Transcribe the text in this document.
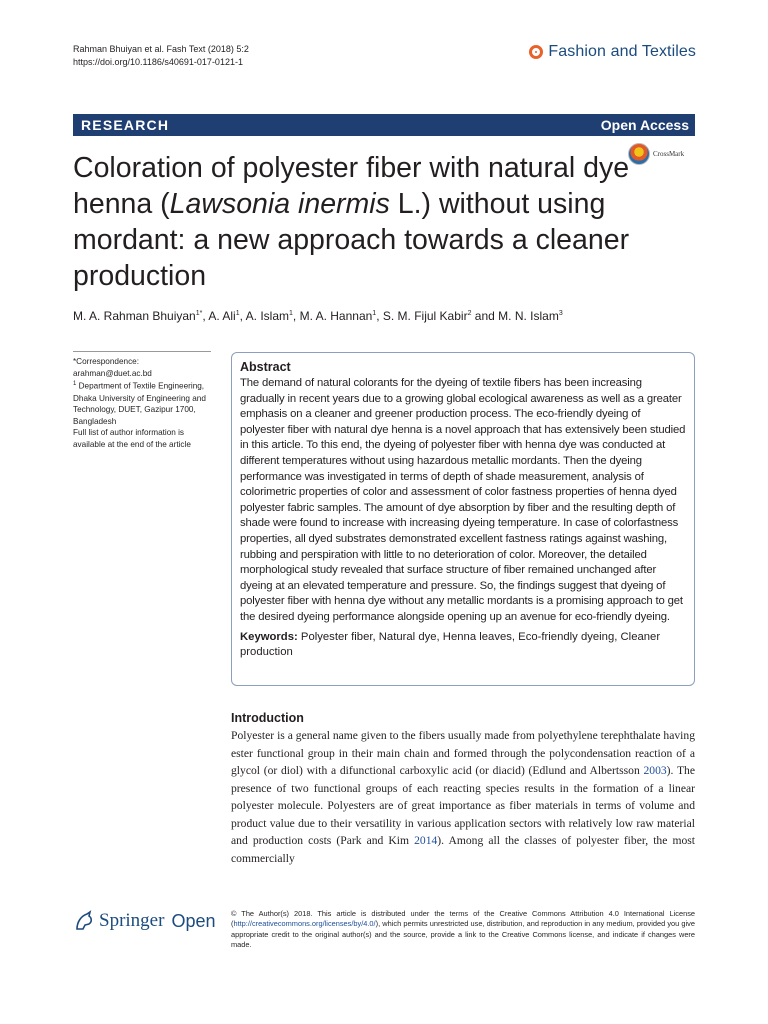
Rahman Bhuiyan et al. Fash Text (2018) 5:2
https://doi.org/10.1186/s40691-017-0121-1
Fashion and Textiles
RESEARCH	Open Access
CrossMark
Coloration of polyester fiber with natural dye henna (Lawsonia inermis L.) without using mordant: a new approach towards a cleaner production
M. A. Rahman Bhuiyan$^{1*}$, A. Ali$^1$, A. Islam$^1$, M. A. Hannan$^1$, S. M. Fijul Kabir$^2$ and M. N. Islam$^3$
*Correspondence:
arahman@duet.ac.bd
$^1$ Department of Textile Engineering, Dhaka University of Engineering and Technology, DUET, Gazipur 1700, Bangladesh
Full list of author information is available at the end of the article
Abstract
The demand of natural colorants for the dyeing of textile fibers has been increasing gradually in recent years due to a growing global ecological awareness as well as a greater emphasis on a cleaner and greener production process. The eco-friendly dyeing of polyester fiber with natural dye henna is a novel approach that has extensively been studied in this article. To this end, the dyeing of polyester fiber with henna dye was conducted at different temperatures without using hazardous metallic mordants. Then the dyeing performance was investigated in terms of depth of shade measurement, analysis of colorimetric properties of color and assessment of color fastness properties of henna dyed polyester fabric samples. The amount of dye absorption by fiber and the resulting depth of shade were found to increase with increasing dyeing temperature. In case of colorfastness properties, all dyed substrates demonstrated excellent fastness ratings against washing, rubbing and perspiration with little to no deterioration of color. Moreover, the detailed morphological study revealed that surface structure of fiber remained unchanged after dyeing at an elevated temperature and pressure. So, the findings suggest that dyeing of polyester fiber with henna dye without any metallic mordants is a promising approach to get the desired dyeing performance alongside opening up an avenue for eco-friendly dyeing.
Keywords: Polyester fiber, Natural dye, Henna leaves, Eco-friendly dyeing, Cleaner production
Introduction
Polyester is a general name given to the fibers usually made from polyethylene terephthalate having ester functional group in their main chain and formed through the polycondensation reaction of a glycol (or diol) with a difunctional carboxylic acid (or diacid) (Edlund and Albertsson 2003). The presence of two functional groups of each reacting species results in the formation of a linear polyester molecule. Polyesters are of great importance as fiber materials in terms of volume and product value due to their versatility in various application sectors with relatively low raw material and production costs (Park and Kim 2014). Among all the classes of polyester fiber, the most commercially
Springer Open © The Author(s) 2018. This article is distributed under the terms of the Creative Commons Attribution 4.0 International License (http://creativecommons.org/licenses/by/4.0/), which permits unrestricted use, distribution, and reproduction in any medium, provided you give appropriate credit to the original author(s) and the source, provide a link to the Creative Commons license, and indicate if changes were made.
